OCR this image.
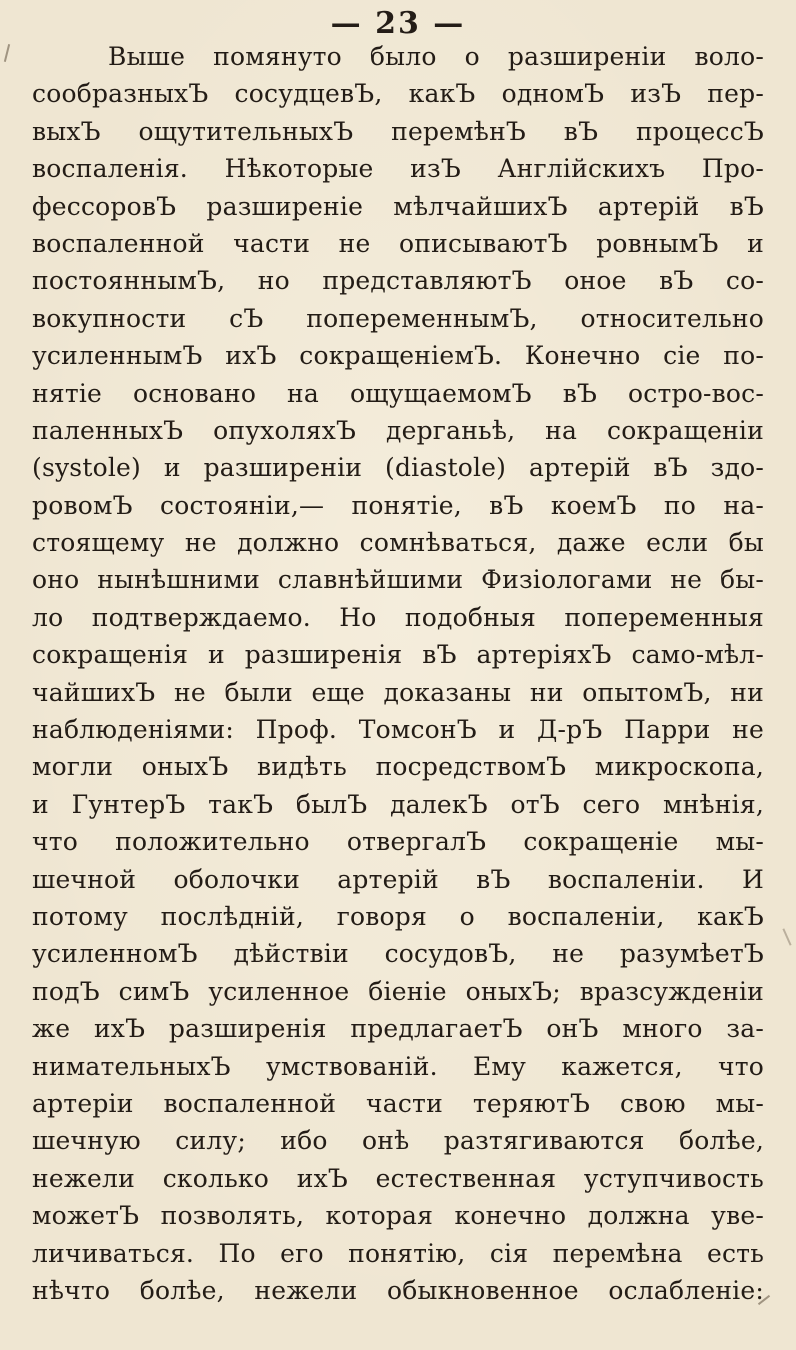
— 23 —
Выше помянуто было о разширеніи воло-
сообразныхЪ сосудцевЪ, какЪ одномЪ изЪ пер-
выхЪ ощутительныхЪ перемѣнЪ вЪ процессЪ
воспаленія. Нѣкоторые изЪ Англійскихъ Про-
фессоровЪ разширеніе мѣлчайшихЪ артерій вЪ
воспаленной части не описываютЪ ровнымЪ и
постояннымЪ, но представляютЪ оное вЪ со-
вокупности сЪ попеременнымЪ, относительно
усиленнымЪ ихЪ сокращеніемЪ. Конечно сіе по-
нятіе основано на ощущаемомЪ вЪ остро-вос-
паленныхЪ опухоляхЪ дерганьѣ, на сокращеніи
(systole) и разширеніи (diastole) артерій вЪ здо-
ровомЪ состояніи,— понятіе, вЪ коемЪ по на-
стоящему не должно сомнѣваться, даже если бы
оно нынѣшними славнѣйшими Физіологами не бы-
ло подтверждаемо. Но подобныя попеременныя
сокращенія и разширенія вЪ артеріяхЪ само-мѣл-
чайшихЪ не были еще доказаны ни опытомЪ, ни
наблюденіями: Проф. ТомсонЪ и Д-рЪ Парри не
могли оныхЪ видѣть посредствомЪ микроскопа,
и ГунтерЪ такЪ былЪ далекЪ отЪ сего мнѣнія,
что положительно отвергалЪ сокращеніе мы-
шечной оболочки артерій вЪ воспаленіи. И
потому послѣдній, говоря о воспаленіи, какЪ
усиленномЪ дѣйствіи сосудовЪ, не разумѣетЪ
подЪ симЪ усиленное біеніе оныхЪ; вразсужденіи
же ихЪ разширенія предлагаетЪ онЪ много за-
нимательныхЪ умствованій. Ему кажется, что
артеріи воспаленной части теряютЪ свою мы-
шечную силу; ибо онѣ разтягиваются болѣе,
нежели сколько ихЪ естественная уступчивость
можетЪ позволять, которая конечно должна уве-
личиваться. По его понятію, сія перемѣна есть
нѣчто болѣе, нежели обыкновенное ослабленіе:
